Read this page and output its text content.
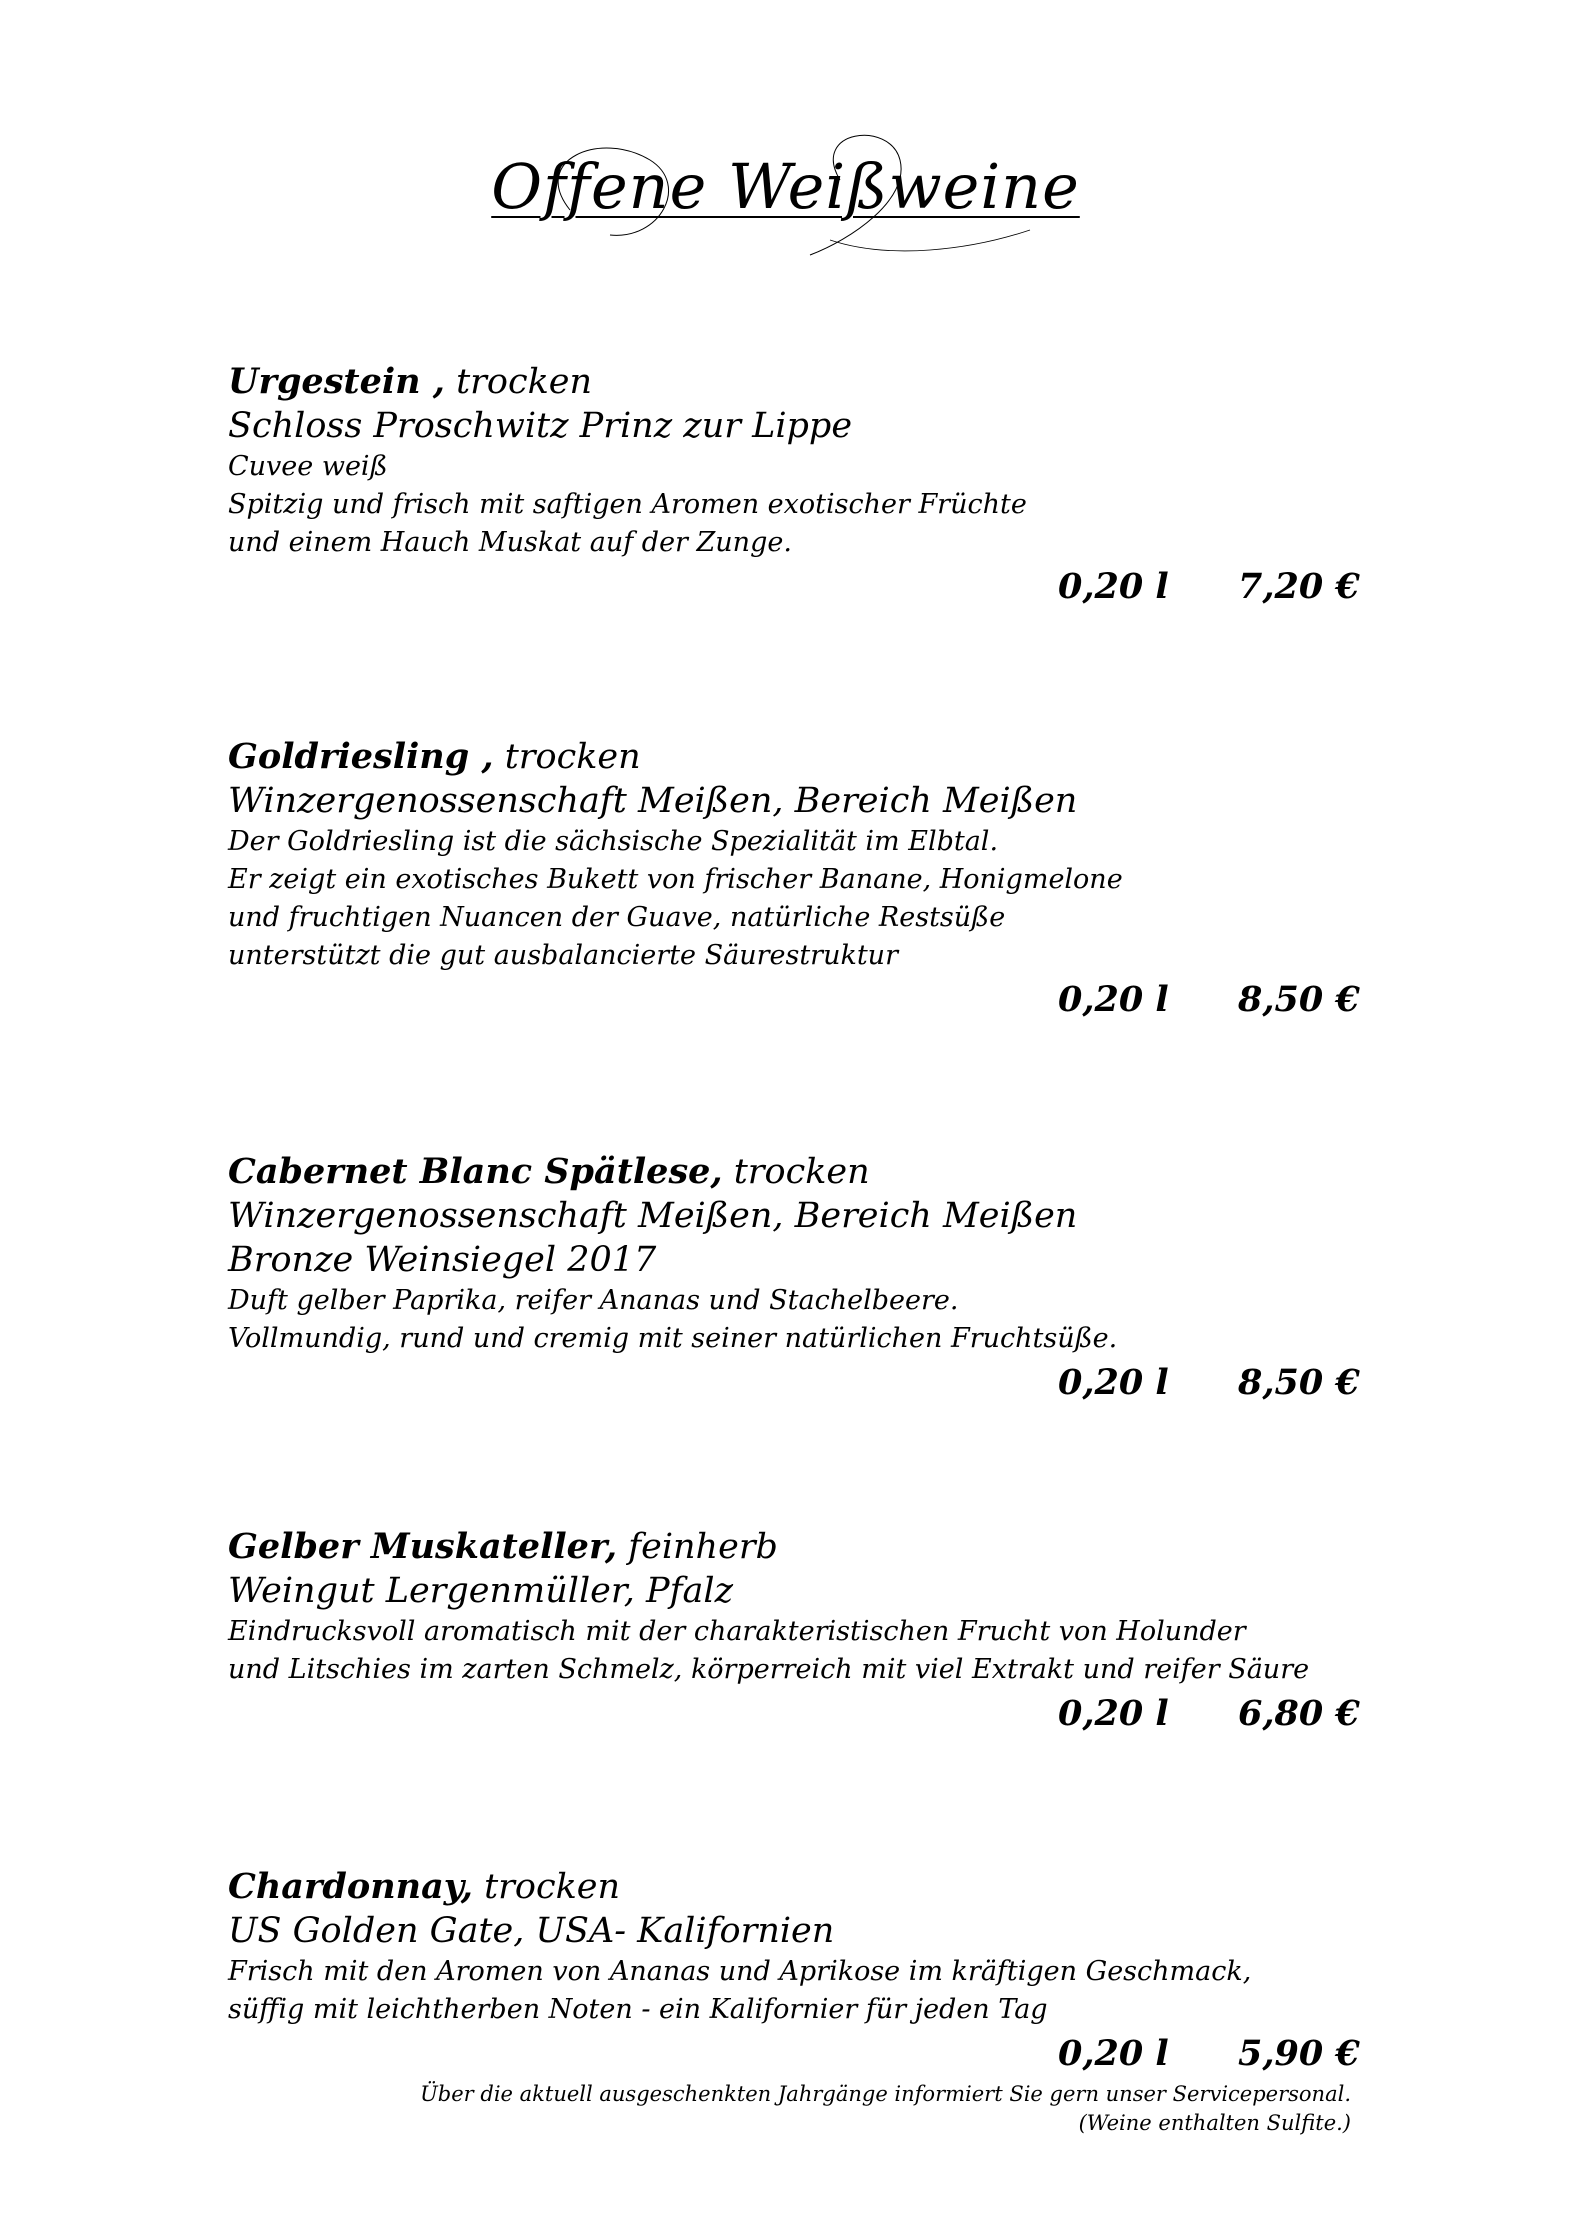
Offene Weißweine
Urgestein , trocken
Schloss Proschwitz Prinz zur Lippe
Cuvee weiß
Spitzig und frisch mit saftigen Aromen exotischer Früchte
und einem Hauch Muskat auf der Zunge.
0,20 l 7,20 €
Goldriesling , trocken
Winzergenossenschaft Meißen, Bereich Meißen
Der Goldriesling ist die sächsische Spezialität im Elbtal.
Er zeigt ein exotisches Bukett von frischer Banane, Honigmelone
und fruchtigen Nuancen der Guave, natürliche Restsüße
unterstützt die gut ausbalancierte Säurestruktur
0,20 l 8,50 €
Cabernet Blanc Spätlese, trocken
Winzergenossenschaft Meißen, Bereich Meißen
Bronze Weinsiegel 2017
Duft gelber Paprika, reifer Ananas und Stachelbeere.
Vollmundig, rund und cremig mit seiner natürlichen Fruchtsüße.
0,20 l 8,50 €
Gelber Muskateller, feinherb
Weingut Lergenmüller, Pfalz
Eindrucksvoll aromatisch mit der charakteristischen Frucht von Holunder
und Litschies im zarten Schmelz, körperreich mit viel Extrakt und reifer Säure
0,20 l 6,80 €
Chardonnay, trocken
US Golden Gate, USA- Kalifornien
Frisch mit den Aromen von Ananas und Aprikose im kräftigen Geschmack,
süffig mit leichtherben Noten - ein Kalifornier für jeden Tag
0,20 l 5,90 €
Über die aktuell ausgeschenkten Jahrgänge informiert Sie gern unser Servicepersonal.
(Weine enthalten Sulfite.)
